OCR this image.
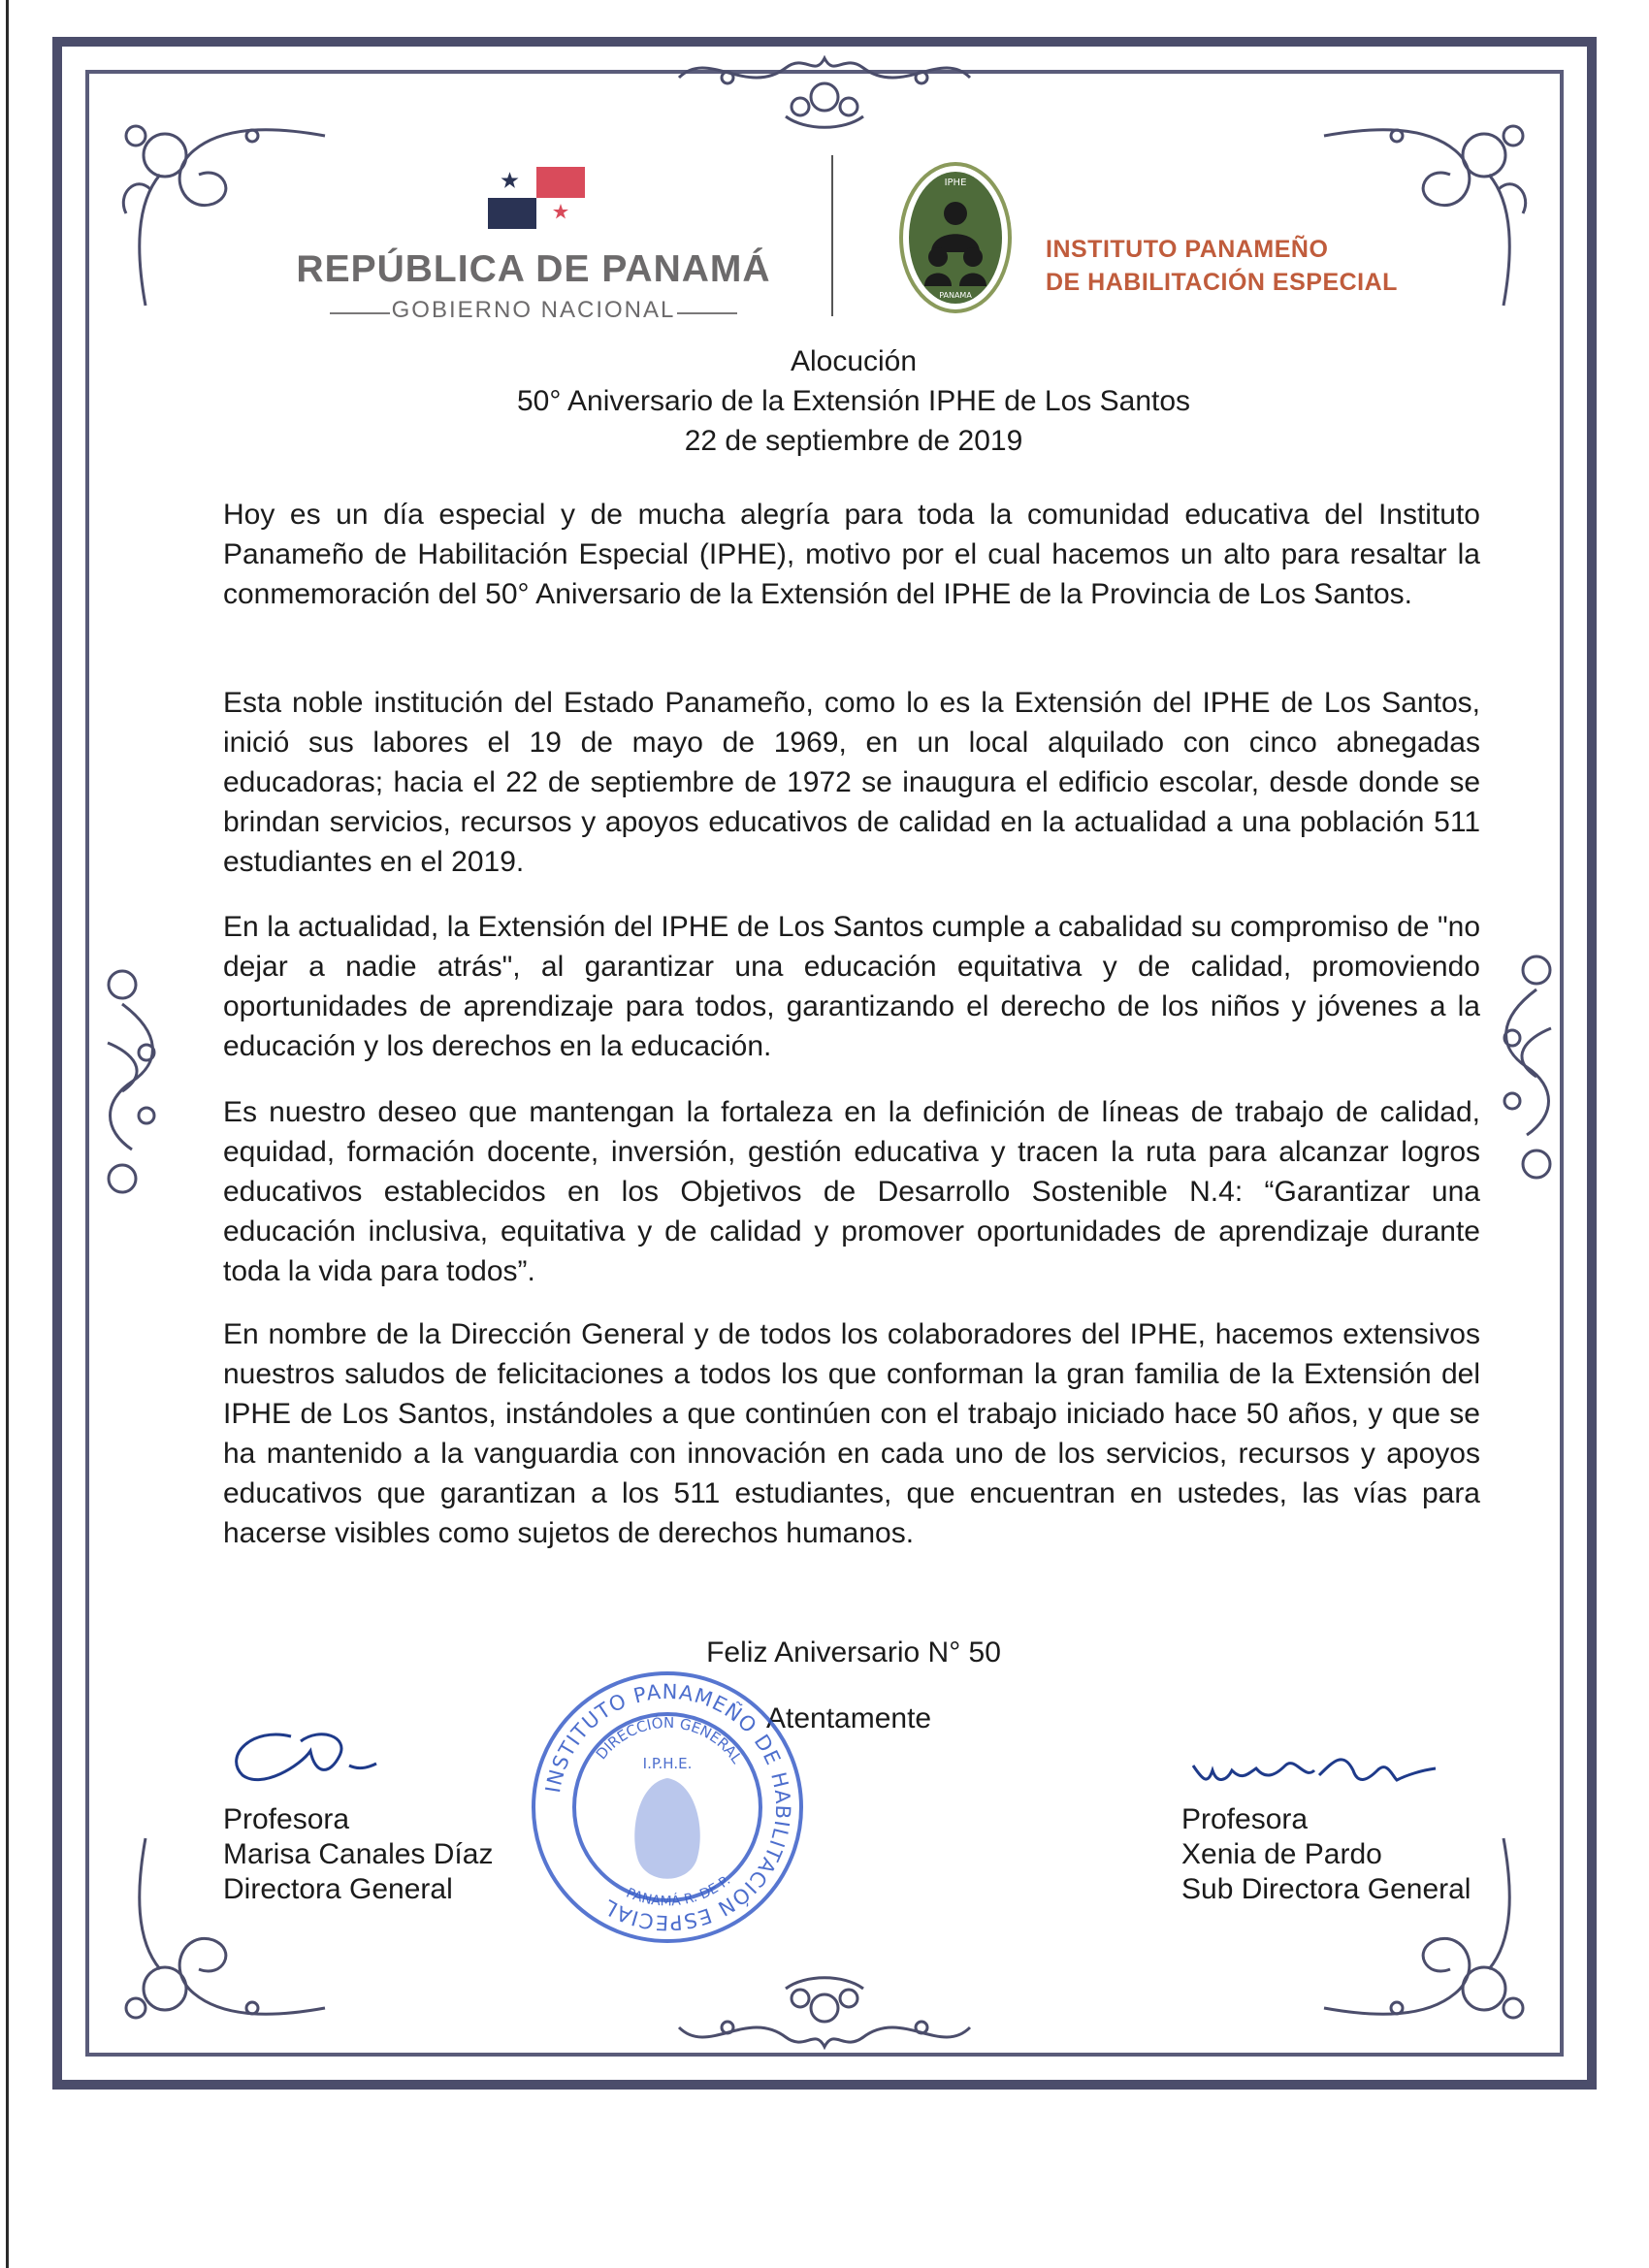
REPÚBLICA DE PANAMÁ
GOBIERNO NACIONAL
IPHE
PANAMA
INSTITUTO PANAMEÑO
DE HABILITACIÓN ESPECIAL
Alocución
50° Aniversario de la Extensión IPHE de Los Santos
22 de septiembre de 2019

Hoy es un día especial y de mucha alegría para toda la comunidad educativa del Instituto Panameño de Habilitación Especial (IPHE), motivo por el cual hacemos un alto para resaltar la conmemoración del 50° Aniversario de la Extensión del IPHE de la Provincia de Los Santos.

Esta noble institución del Estado Panameño, como lo es la Extensión del IPHE de Los Santos, inició sus labores el 19 de mayo de 1969, en un local alquilado con cinco abnegadas educadoras; hacia el 22 de septiembre de 1972 se inaugura el edificio escolar, desde donde se brindan servicios, recursos y apoyos educativos de calidad en la actualidad a una población 511 estudiantes en el 2019.

En la actualidad, la Extensión del IPHE de Los Santos cumple a cabalidad su compromiso de "no dejar a nadie atrás", al garantizar una educación equitativa y de calidad, promoviendo oportunidades de aprendizaje para todos, garantizando el derecho de los niños y jóvenes a la educación y los derechos en la educación.

Es nuestro deseo que mantengan la fortaleza en la definición de líneas de trabajo de calidad, equidad, formación docente, inversión, gestión educativa y tracen la ruta para alcanzar logros educativos establecidos en los Objetivos de Desarrollo Sostenible N.4: “Garantizar una educación inclusiva, equitativa y de calidad y promover oportunidades de aprendizaje durante toda la vida para todos”.

En nombre de la Dirección General y de todos los colaboradores del IPHE, hacemos extensivos nuestros saludos de felicitaciones a todos los que conforman la gran familia de la Extensión del IPHE de Los Santos, instándoles a que continúen con el trabajo iniciado hace 50 años, y que se ha mantenido a la vanguardia con innovación en cada uno de los servicios, recursos y apoyos educativos que garantizan a los 511 estudiantes, que encuentran en ustedes, las vías para hacerse visibles como sujetos de derechos humanos.

Feliz Aniversario N° 50
Atentamente
Profesora
Marisa Canales Díaz
Directora General
Profesora
Xenia de Pardo
Sub Directora General
INSTITUTO PANAMEÑO DE HABILITACIÓN ESPECIAL
DIRECCIÓN GENERAL
I.P.H.E.
PANAMÁ R. DE P.
